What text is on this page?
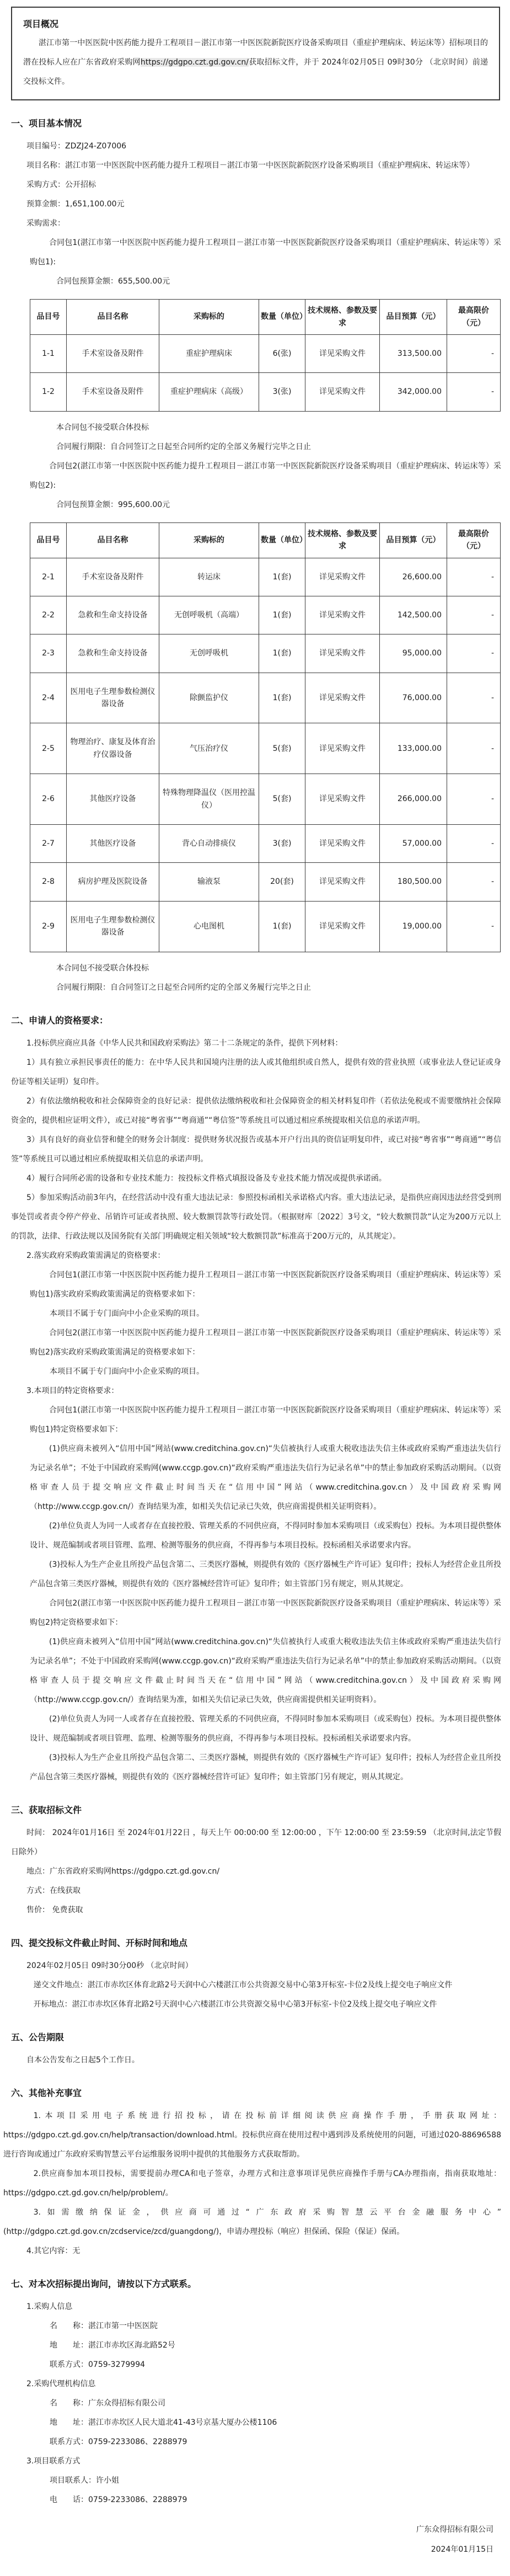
项目概况

湛江市第一中医医院中医药能力提升工程项目－湛江市第一中医医院新院医疗设备采购项目（重症护理病床、转运床等）招标项目的潜在投标人应在广东省政府采购网https://gdgpo.czt.gd.gov.cn/获取招标文件，并于 2024年02月05日 09时30分 （北京时间）前递交投标文件。

一、项目基本情况

项目编号：ZDZJ24-Z07006

项目名称：湛江市第一中医医院中医药能力提升工程项目－湛江市第一中医医院新院医疗设备采购项目（重症护理病床、转运床等）

采购方式：公开招标

预算金额：1,651,100.00元

采购需求：

合同包1(湛江市第一中医医院中医药能力提升工程项目－湛江市第一中医医院新院医疗设备采购项目（重症护理病床、转运床等）采购包1):

合同包预算金额：655,500.00元

品目号	品目名称	采购标的	数量（单位）	技术规格、参数及要求	品目预算（元）	最高限价（元）
1-1	手术室设备及附件	重症护理病床	6(张)	详见采购文件	313,500.00	-
1-2	手术室设备及附件	重症护理病床（高级）	3(张)	详见采购文件	342,000.00	-

本合同包不接受联合体投标

合同履行期限：自合同签订之日起至合同所约定的全部义务履行完毕之日止

合同包2(湛江市第一中医医院中医药能力提升工程项目－湛江市第一中医医院新院医疗设备采购项目（重症护理病床、转运床等）采购包2):

合同包预算金额：995,600.00元

品目号	品目名称	采购标的	数量（单位）	技术规格、参数及要求	品目预算（元）	最高限价（元）
2-1	手术室设备及附件	转运床	1(套)	详见采购文件	26,600.00	-
2-2	急救和生命支持设备	无创呼吸机（高端）	1(套)	详见采购文件	142,500.00	-
2-3	急救和生命支持设备	无创呼吸机	1(套)	详见采购文件	95,000.00	-
2-4	医用电子生理参数检测仪器设备	除颤监护仪	1(套)	详见采购文件	76,000.00	-
2-5	物理治疗、康复及体育治疗仪器设备	气压治疗仪	5(套)	详见采购文件	133,000.00	-
2-6	其他医疗设备	特殊物理降温仪（医用控温仪）	5(套)	详见采购文件	266,000.00	-
2-7	其他医疗设备	背心自动排痰仪	3(套)	详见采购文件	57,000.00	-
2-8	病房护理及医院设备	输液泵	20(套)	详见采购文件	180,500.00	-
2-9	医用电子生理参数检测仪器设备	心电图机	1(套)	详见采购文件	19,000.00	-

本合同包不接受联合体投标

合同履行期限：自合同签订之日起至合同所约定的全部义务履行完毕之日止

二、申请人的资格要求：

1.投标供应商应具备《中华人民共和国政府采购法》第二十二条规定的条件，提供下列材料：

1）具有独立承担民事责任的能力：在中华人民共和国境内注册的法人或其他组织或自然人，提供有效的营业执照（或事业法人登记证或身份证等相关证明）复印件。

2）有依法缴纳税收和社会保障资金的良好记录：提供依法缴纳税收和社会保障资金的相关材料复印件（若依法免税或不需要缴纳社会保障资金的，提供相应证明文件），或已对接“粤省事”“粤商通”“粤信签”等系统且可以通过相应系统提取相关信息的承诺声明。

3）具有良好的商业信誉和健全的财务会计制度：提供财务状况报告或基本开户行出具的资信证明复印件，或已对接“粤省事”“粤商通”“粤信签”等系统且可以通过相应系统提取相关信息的承诺声明。

4）履行合同所必需的设备和专业技术能力：按投标文件格式填报设备及专业技术能力情况或提供承诺函。

5）参加采购活动前3年内，在经营活动中没有重大违法记录：参照投标函相关承诺格式内容。重大违法记录，是指供应商因违法经营受到刑事处罚或者责令停产停业、吊销许可证或者执照、较大数额罚款等行政处罚。（根据财库〔2022〕3号文，“较大数额罚款”认定为200万元以上的罚款，法律、行政法规以及国务院有关部门明确规定相关领域“较大数额罚款”标准高于200万元的，从其规定）。

2.落实政府采购政策需满足的资格要求：

合同包1(湛江市第一中医医院中医药能力提升工程项目－湛江市第一中医医院新院医疗设备采购项目（重症护理病床、转运床等）采购包1)落实政府采购政策需满足的资格要求如下：

本项目不属于专门面向中小企业采购的项目。

合同包2(湛江市第一中医医院中医药能力提升工程项目－湛江市第一中医医院新院医疗设备采购项目（重症护理病床、转运床等）采购包2)落实政府采购政策需满足的资格要求如下：

本项目不属于专门面向中小企业采购的项目。

3.本项目的特定资格要求：

合同包1(湛江市第一中医医院中医药能力提升工程项目－湛江市第一中医医院新院医疗设备采购项目（重症护理病床、转运床等）采购包1)特定资格要求如下：

(1)供应商未被列入“信用中国”网站(www.creditchina.gov.cn)“失信被执行人或重大税收违法失信主体或政府采购严重违法失信行为记录名单”；不处于中国政府采购网(www.ccgp.gov.cn)“政府采购严重违法失信行为记录名单”中的禁止参加政府采购活动期间。（以资格审查人员于提交响应文件截止时间当天在“信用中国”网站（www.creditchina.gov.cn）及中国政府采购网（http://www.ccgp.gov.cn/）查询结果为准，如相关失信记录已失效，供应商需提供相关证明资料）。

(2)单位负责人为同一人或者存在直接控股、管理关系的不同供应商，不得同时参加本采购项目（或采购包）投标。为本项目提供整体设计、规范编制或者项目管理、监理、检测等服务的供应商，不得再参与本项目投标。投标函相关承诺要求内容。

(3)投标人为生产企业且所投产品包含第二、三类医疗器械，则提供有效的《医疗器械生产许可证》复印件；投标人为经营企业且所投产品包含第三类医疗器械，则提供有效的《医疗器械经营许可证》复印件；如主管部门另有规定，则从其规定。

合同包2(湛江市第一中医医院中医药能力提升工程项目－湛江市第一中医医院新院医疗设备采购项目（重症护理病床、转运床等）采购包2)特定资格要求如下：

(1)供应商未被列入“信用中国”网站(www.creditchina.gov.cn)“失信被执行人或重大税收违法失信主体或政府采购严重违法失信行为记录名单”；不处于中国政府采购网(www.ccgp.gov.cn)“政府采购严重违法失信行为记录名单”中的禁止参加政府采购活动期间。（以资格审查人员于提交响应文件截止时间当天在“信用中国”网站（www.creditchina.gov.cn）及中国政府采购网（http://www.ccgp.gov.cn/）查询结果为准，如相关失信记录已失效，供应商需提供相关证明资料）。

(2)单位负责人为同一人或者存在直接控股、管理关系的不同供应商，不得同时参加本采购项目（或采购包）投标。为本项目提供整体设计、规范编制或者项目管理、监理、检测等服务的供应商，不得再参与本项目投标。投标函相关承诺要求内容。

(3)投标人为生产企业且所投产品包含第二、三类医疗器械，则提供有效的《医疗器械生产许可证》复印件；投标人为经营企业且所投产品包含第三类医疗器械，则提供有效的《医疗器械经营许可证》复印件；如主管部门另有规定，则从其规定。

三、获取招标文件

时间： 2024年01月16日 至 2024年01月22日 ，每天上午 00:00:00 至 12:00:00 ，下午 12:00:00 至 23:59:59 （北京时间,法定节假日除外）

地点：广东省政府采购网https://gdgpo.czt.gd.gov.cn/

方式：在线获取

售价： 免费获取

四、提交投标文件截止时间、开标时间和地点

2024年02月05日 09时30分00秒 （北京时间）

递交文件地点：湛江市赤坎区体育北路2号天润中心六楼湛江市公共资源交易中心第3开标室-卡位2及线上提交电子响应文件

开标地点：湛江市赤坎区体育北路2号天润中心六楼湛江市公共资源交易中心第3开标室-卡位2及线上提交电子响应文件

五、公告期限

自本公告发布之日起5个工作日。

六、其他补充事宜

1.本项目采用电子系统进行招投标，请在投标前详细阅读供应商操作手册，手册获取网址：https://gdgpo.czt.gd.gov.cn/help/transaction/download.html。投标供应商在使用过程中遇到涉及系统使用的问题，可通过020-88696588 进行咨询或通过广东政府采购智慧云平台运维服务说明中提供的其他服务方式获取帮助。

2.供应商参加本项目投标，需要提前办理CA和电子签章，办理方式和注意事项详见供应商操作手册与CA办理指南，指南获取地址：https://gdgpo.czt.gd.gov.cn/help/problem/。

3.如需缴纳保证金，供应商可通过“广东政府采购智慧云平台金融服务中心”(http://gdgpo.czt.gd.gov.cn/zcdservice/zcd/guangdong/)，申请办理投标（响应）担保函、保险（保证）保函。

4.其它内容：无

七、对本次招标提出询问，请按以下方式联系。

1.采购人信息

名　　称：湛江市第一中医医院

地　　址：湛江市赤坎区海北路52号

联系方式：0759-3279994

2.采购代理机构信息

名　　称：广东众得招标有限公司

地　　址：湛江市赤坎区人民大道北41-43号京基大厦办公楼1106

联系方式：0759-2233086、2288979

3.项目联系方式

项目联系人：许小姐

电　　话：0759-2233086、2288979

广东众得招标有限公司

2024年01月15日
